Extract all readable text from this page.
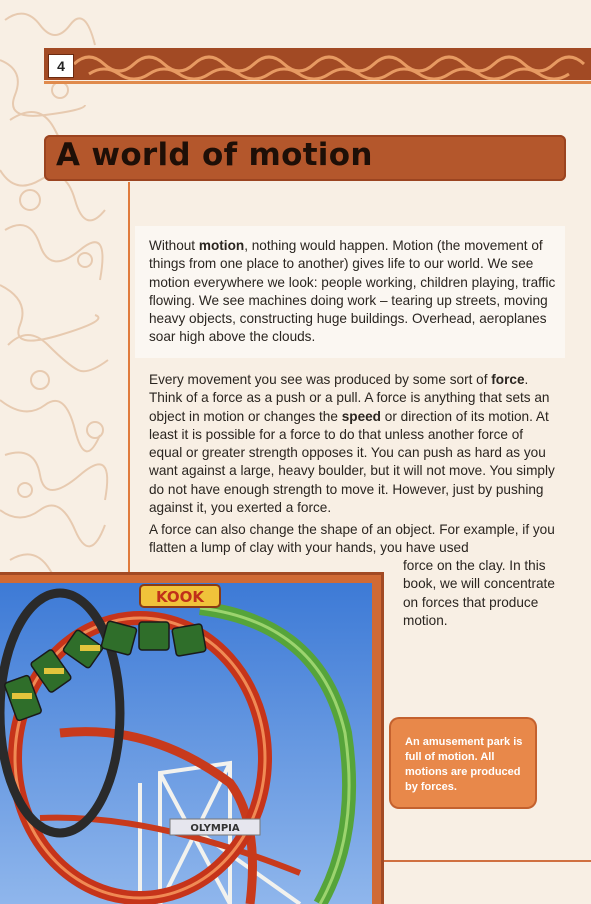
4
A world of motion
Without motion, nothing would happen. Motion (the movement of things from one place to another) gives life to our world. We see motion everywhere we look: people working, children playing, traffic flowing. We see machines doing work – tearing up streets, moving heavy objects, constructing huge buildings. Overhead, aeroplanes soar high above the clouds.
Every movement you see was produced by some sort of force. Think of a force as a push or a pull. A force is anything that sets an object in motion or changes the speed or direction of its motion. At least it is possible for a force to do that unless another force of equal or greater strength opposes it. You can push as hard as you want against a large, heavy boulder, but it will not move. You simply do not have enough strength to move it. However, just by pushing against it, you exerted a force.
A force can also change the shape of an object. For example, if you flatten a lump of clay with your hands, you have used
force on the clay. In this book, we will concentrate on forces that produce motion.
KOOK
OLYMPIA
An amusement park is full of motion. All motions are produced by forces.
